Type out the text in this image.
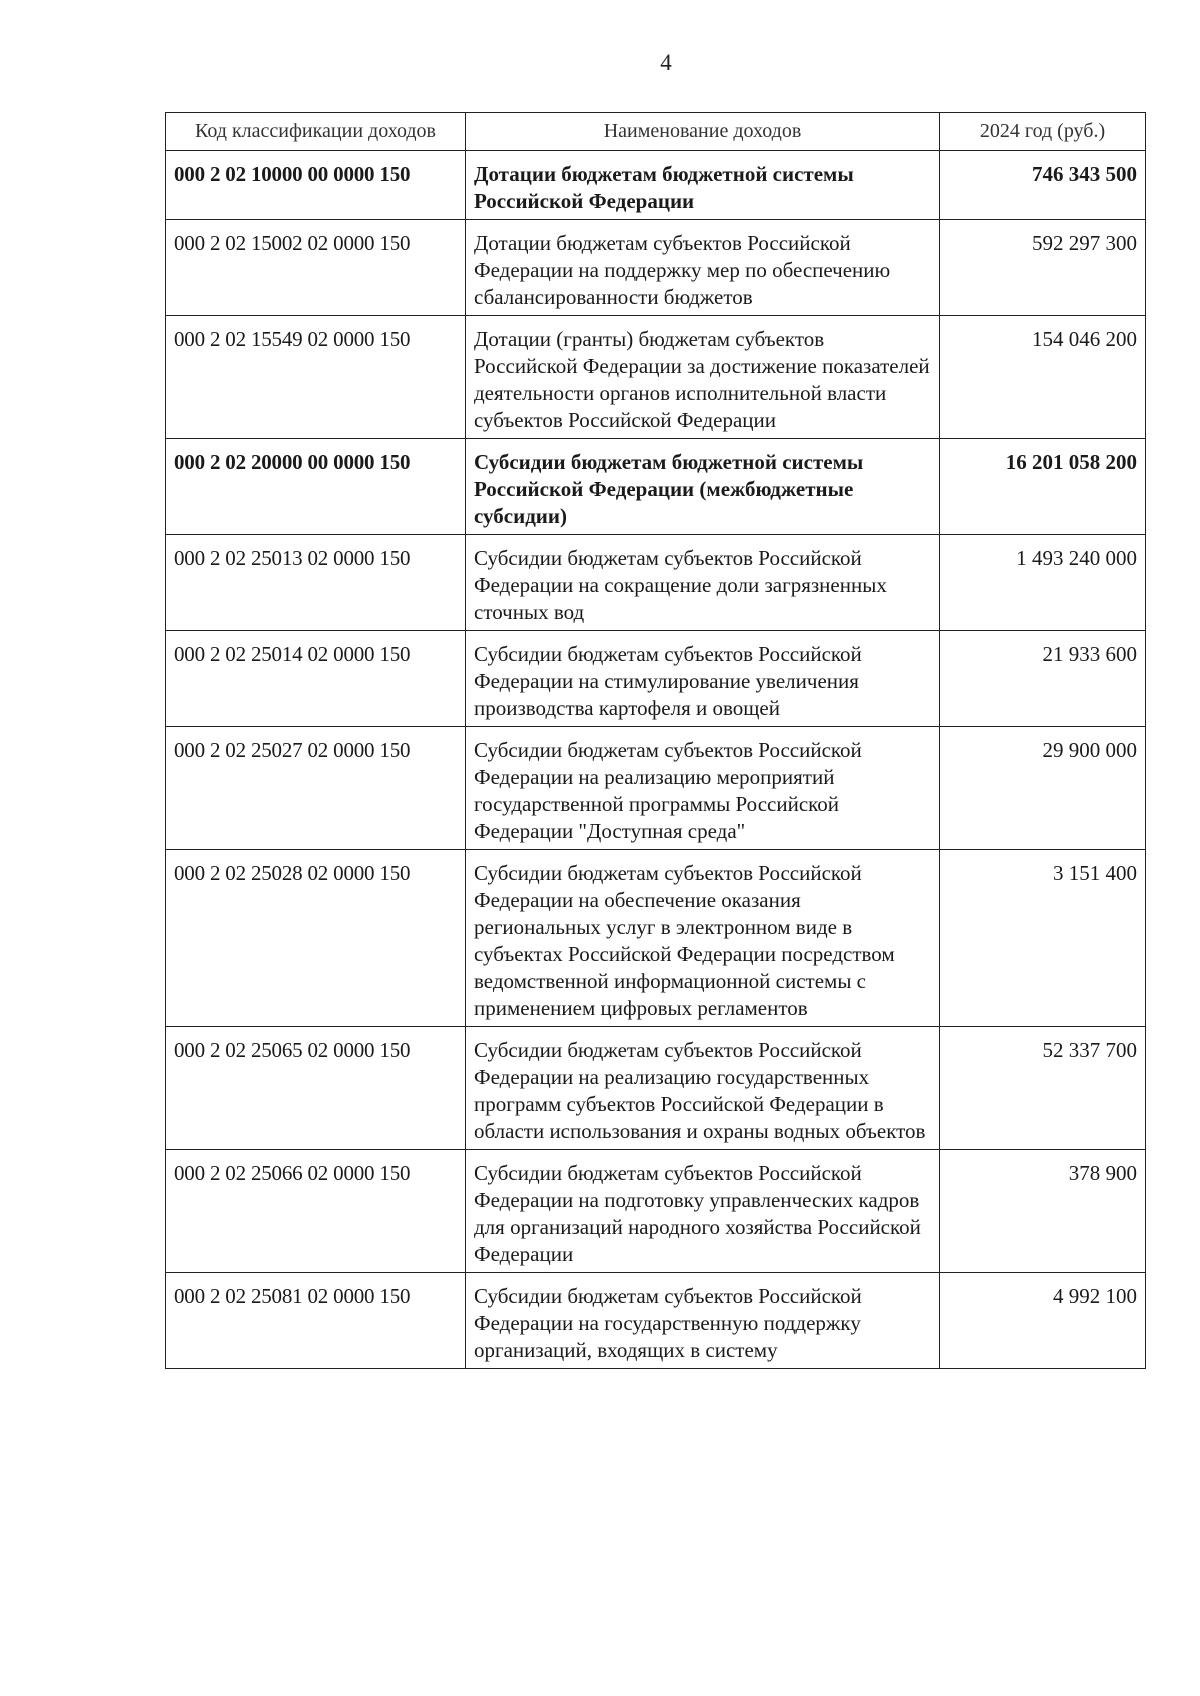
4
Код классификации доходов	Наименование доходов	2024 год (руб.)
000 2 02 10000 00 0000 150	Дотации бюджетам бюджетной системы Российской Федерации	746 343 500
000 2 02 15002 02 0000 150	Дотации бюджетам субъектов Российской Федерации на поддержку мер по обеспечению сбалансированности бюджетов	592 297 300
000 2 02 15549 02 0000 150	Дотации (гранты) бюджетам субъектов Российской Федерации за достижение показателей деятельности органов исполнительной власти субъектов Российской Федерации	154 046 200
000 2 02 20000 00 0000 150	Субсидии бюджетам бюджетной системы Российской Федерации (межбюджетные субсидии)	16 201 058 200
000 2 02 25013 02 0000 150	Субсидии бюджетам субъектов Российской Федерации на сокращение доли загрязненных сточных вод	1 493 240 000
000 2 02 25014 02 0000 150	Субсидии бюджетам субъектов Российской Федерации на стимулирование увеличения производства картофеля и овощей	21 933 600
000 2 02 25027 02 0000 150	Субсидии бюджетам субъектов Российской Федерации на реализацию мероприятий государственной программы Российской Федерации "Доступная среда"	29 900 000
000 2 02 25028 02 0000 150	Субсидии бюджетам субъектов Российской Федерации на обеспечение оказания региональных услуг в электронном виде в субъектах Российской Федерации посредством ведомственной информационной системы с применением цифровых регламентов	3 151 400
000 2 02 25065 02 0000 150	Субсидии бюджетам субъектов Российской Федерации на реализацию государственных программ субъектов Российской Федерации в области использования и охраны водных объектов	52 337 700
000 2 02 25066 02 0000 150	Субсидии бюджетам субъектов Российской Федерации на подготовку управленческих кадров для организаций народного хозяйства Российской Федерации	378 900
000 2 02 25081 02 0000 150	Субсидии бюджетам субъектов Российской Федерации на государственную поддержку организаций, входящих в систему	4 992 100
